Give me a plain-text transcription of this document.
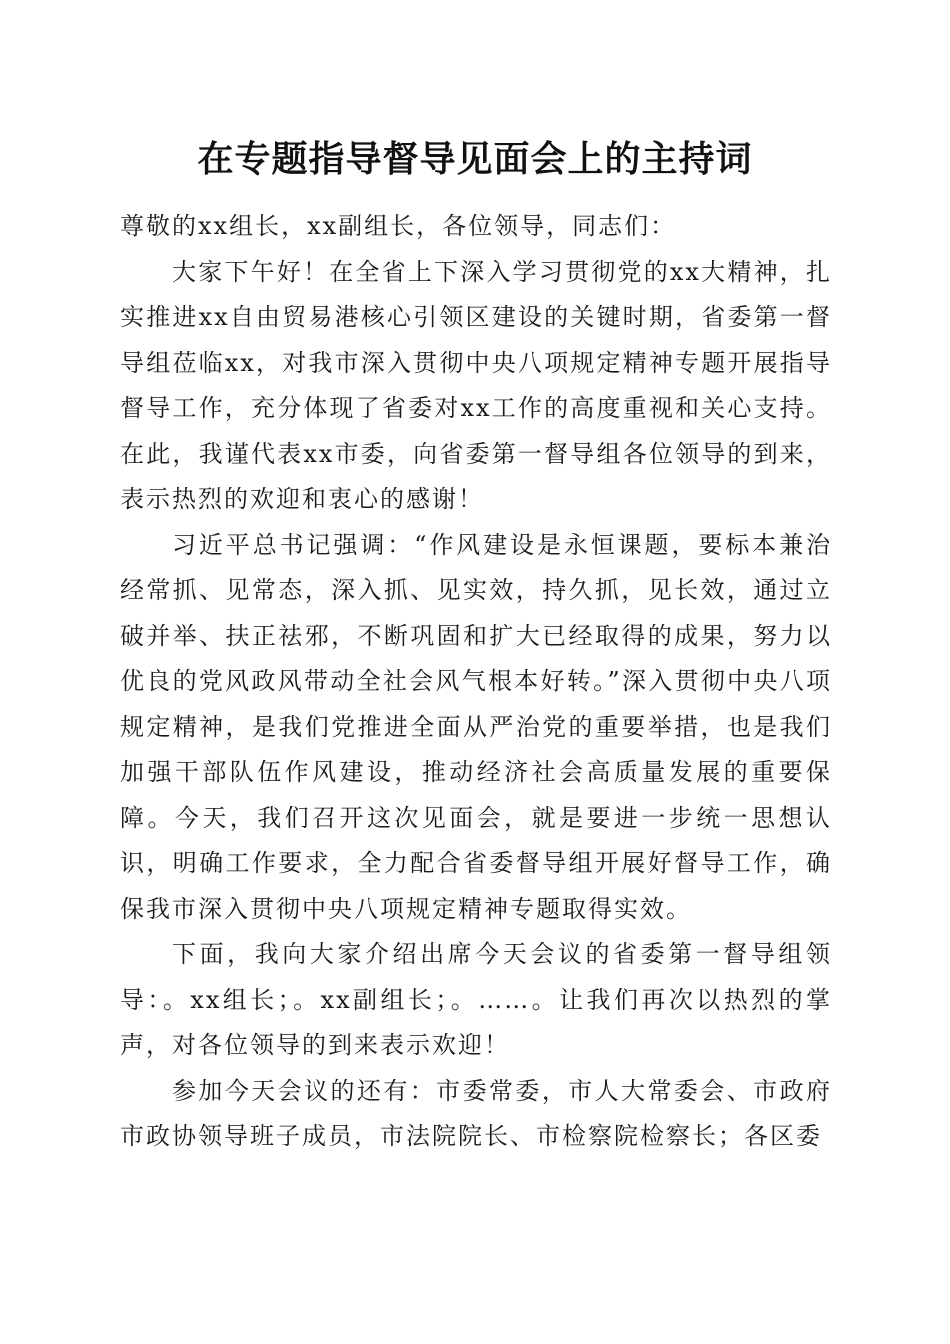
在专题指导督导见面会上的主持词

尊敬的xx组长，xx副组长，各位领导，同志们：

大家下午好！在全省上下深入学习贯彻党的xx大精神，扎实推进xx自由贸易港核心引领区建设的关键时期，省委第一督导组莅临xx，对我市深入贯彻中央八项规定精神专题开展指导督导工作，充分体现了省委对xx工作的高度重视和关心支持。在此，我谨代表xx市委，向省委第一督导组各位领导的到来，表示热烈的欢迎和衷心的感谢！

习近平总书记强调：“作风建设是永恒课题，要标本兼治经常抓、见常态，深入抓、见实效，持久抓，见长效，通过立破并举、扶正祛邪，不断巩固和扩大已经取得的成果，努力以优良的党风政风带动全社会风气根本好转。”深入贯彻中央八项规定精神，是我们党推进全面从严治党的重要举措，也是我们加强干部队伍作风建设，推动经济社会高质量发展的重要保障。今天，我们召开这次见面会，就是要进一步统一思想认识，明确工作要求，全力配合省委督导组开展好督导工作，确保我市深入贯彻中央八项规定精神专题取得实效。

下面，我向大家介绍出席今天会议的省委第一督导组领导：。xx组长；。xx副组长；。……。让我们再次以热烈的掌声，对各位领导的到来表示欢迎！

参加今天会议的还有：市委常委，市人大常委会、市政府市政协领导班子成员，市法院院长、市检察院检察长；各区委
